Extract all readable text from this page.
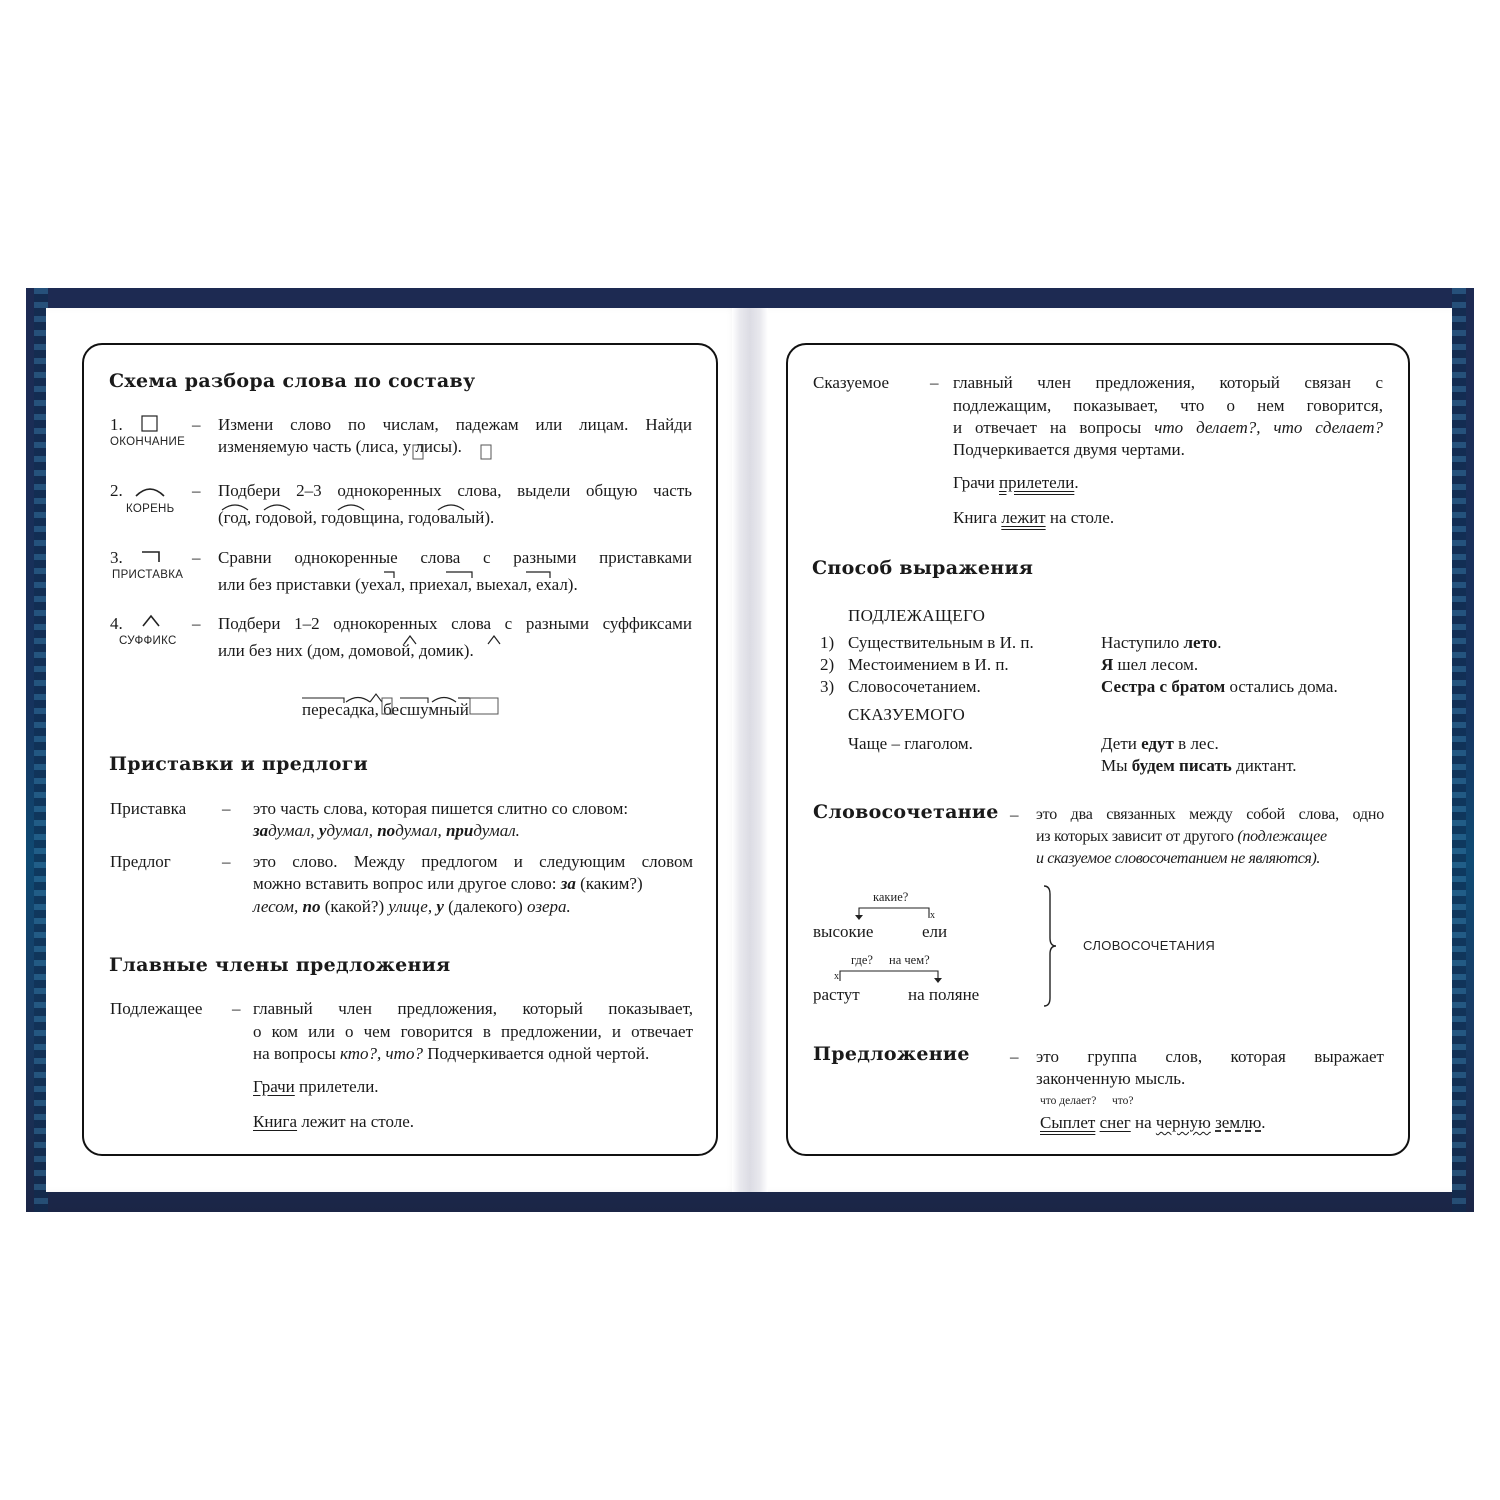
Схема разбора слова по составу
1.
ОКОНЧАНИЕ
– Измени слово по числам, падежам или лицам. Найди изменяемую часть (лиса, у лисы).
2.
КОРЕНЬ
– Подбери 2–3 однокоренных слова, выдели общую часть
(год, годовой, годовщина, годовалый).
3.
ПРИСТАВКА
– Сравни однокоренные слова с разными приставками
или без приставки (уехал, приехал, выехал, ехал).
4.
СУФФИКС
– Подбери 1–2 однокоренных слова с разными суффиксами
или без них (дом, домовой, домик).
пересадка, бесшумный
Приставки и предлоги
Приставка – это часть слова, которая пишется слитно со словом:
задумал, удумал, подумал, придумал.
Предлог	– это слово. Между предлогом и следующим словом
можно вставить вопрос или другое слово: за (каким?)
лесом, по (какой?) улице, у (далекого) озера.
Главные члены предложения
Подлежащее – главный член предложения, который показывает,
о ком или о чем говорится в предложении, и отвечает
на вопросы кто?, что? Подчеркивается одной чертой.
Грачи прилетели.
Книга лежит на столе.
Сказуемое – главный член предложения, который связан с
подлежащим, показывает, что о нем говорится,
и отвечает на вопросы что делает?, что сделает?
Подчеркивается двумя чертами.
Грачи прилетели.
Книга лежит на столе.
Способ выражения
ПОДЛЕЖАЩЕГО
1) Существительным в И. п.	Наступило лето.
2) Местоимением в И. п.	Я шел лесом.
3) Словосочетанием.	Сестра с братом остались дома.
СКАЗУЕМОГО
Чаще – глаголом.	Дети едут в лес.
Мы будем писать диктант.
Словосочетание – это два связанных между собой слова, одно
из которых зависит от другого (подлежащее
и сказуемое словосочетанием не являются).
какие?
x
высокие	ели
где? на чем?
x
растут	на поляне
СЛОВОСОЧЕТАНИЯ
Предложение – это группа слов, которая выражает
законченную мысль.
что делает? что?
Сыплет снег на черную землю.
